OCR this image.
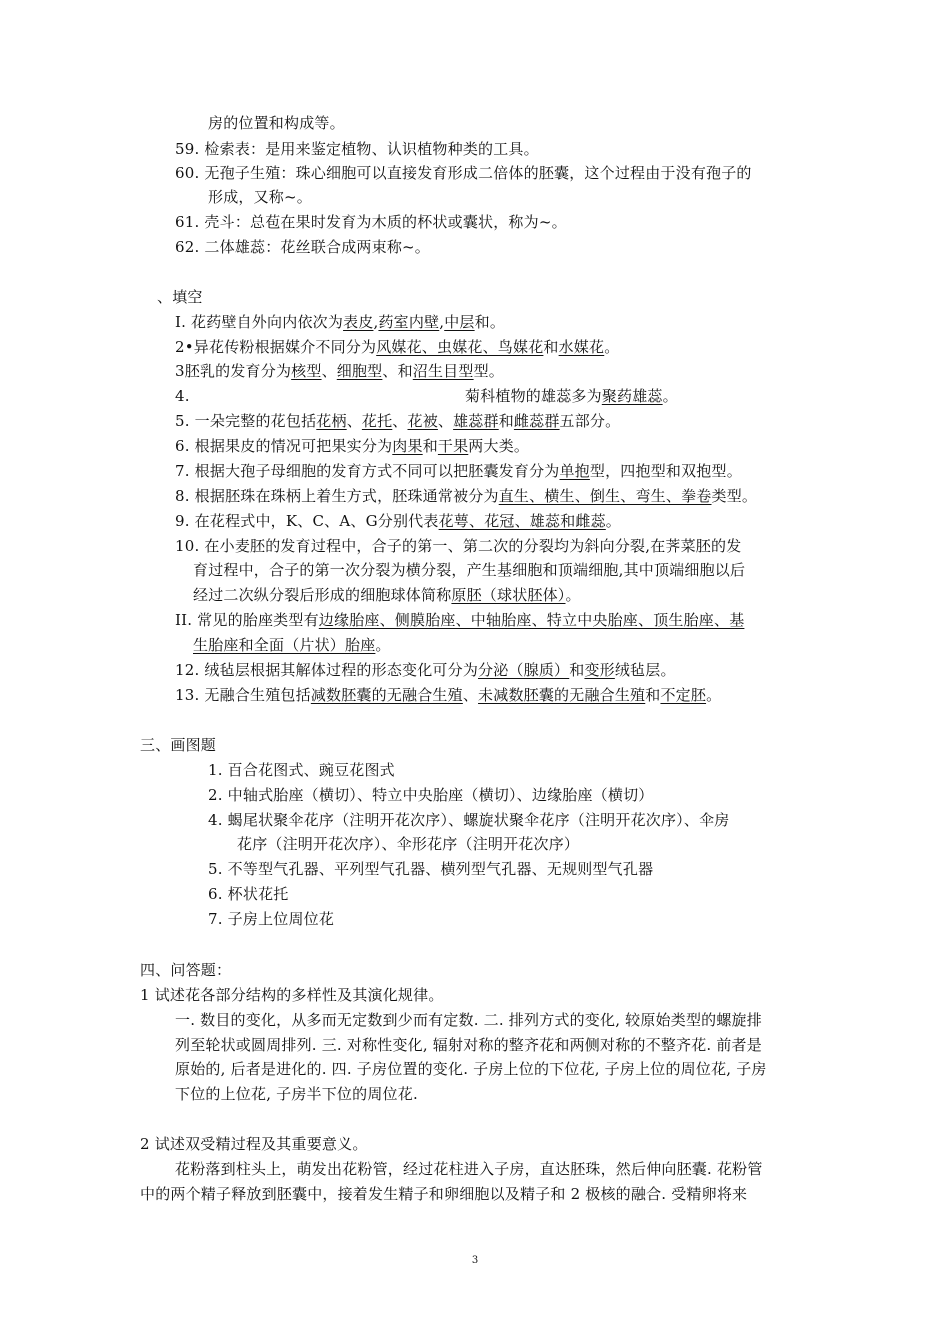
房的位置和构成等。
59. 检索表：是用来鉴定植物、认识植物种类的工具。
60. 无孢子生殖：珠心细胞可以直接发育形成二倍体的胚囊，这个过程由于没有孢子的
形成，又称~。
61. 壳斗：总苞在果时发育为木质的杯状或囊状，称为~。
62. 二体雄蕊：花丝联合成两束称~。
、填空
I. 花药壁自外向内依次为表皮,药室内壁,中层和。
2•异花传粉根据媒介不同分为风媒花、虫媒花、鸟媒花和水媒花。
3胚乳的发育分为核型、细胞型、和沼生目型型。
4.	菊科植物的雄蕊多为聚药雄蕊。
5. 一朵完整的花包括花柄、花托、花被、雄蕊群和雌蕊群五部分。
6. 根据果皮的情况可把果实分为肉果和干果两大类。
7. 根据大孢子母细胞的发育方式不同可以把胚囊发育分为单抱型，四抱型和双抱型。
8. 根据胚珠在珠柄上着生方式，胚珠通常被分为直生、横生、倒生、弯生、拳卷类型。
9. 在花程式中，K、C、A、G分别代表花萼、花冠、雄蕊和雌蕊。
10. 在小麦胚的发育过程中，合子的第一、第二次的分裂均为斜向分裂,在荠菜胚的发
育过程中，合子的第一次分裂为横分裂，产生基细胞和顶端细胞,其中顶端细胞以后
经过二次纵分裂后形成的细胞球体简称原胚（球状胚体）。
II. 常见的胎座类型有边缘胎座、侧膜胎座、中轴胎座、特立中央胎座、顶生胎座、基
生胎座和全面（片状）胎座。
12. 绒毡层根据其解体过程的形态变化可分为分泌（腺质）和变形绒毡层。
13. 无融合生殖包括减数胚囊的无融合生殖、未减数胚囊的无融合生殖和不定胚。
三、画图题
1. 百合花图式、豌豆花图式
2. 中轴式胎座（横切）、特立中央胎座（横切）、边缘胎座（横切）
4. 蝎尾状聚伞花序（注明开花次序）、螺旋状聚伞花序（注明开花次序）、伞房
花序（注明开花次序）、伞形花序（注明开花次序）
5. 不等型气孔器、平列型气孔器、横列型气孔器、无规则型气孔器
6. 杯状花托
7. 子房上位周位花
四、问答题：
1 试述花各部分结构的多样性及其演化规律。
一. 数目的变化，从多而无定数到少而有定数. 二. 排列方式的变化, 较原始类型的螺旋排
列至轮状或圆周排列. 三. 对称性变化, 辐射对称的整齐花和两侧对称的不整齐花. 前者是
原始的, 后者是进化的. 四. 子房位置的变化. 子房上位的下位花, 子房上位的周位花, 子房
下位的上位花, 子房半下位的周位花.
2 试述双受精过程及其重要意义。
花粉落到柱头上，萌发出花粉管，经过花柱进入子房，直达胚珠，然后伸向胚囊. 花粉管
中的两个精子释放到胚囊中，接着发生精子和卵细胞以及精子和 2 极核的融合. 受精卵将来
3
